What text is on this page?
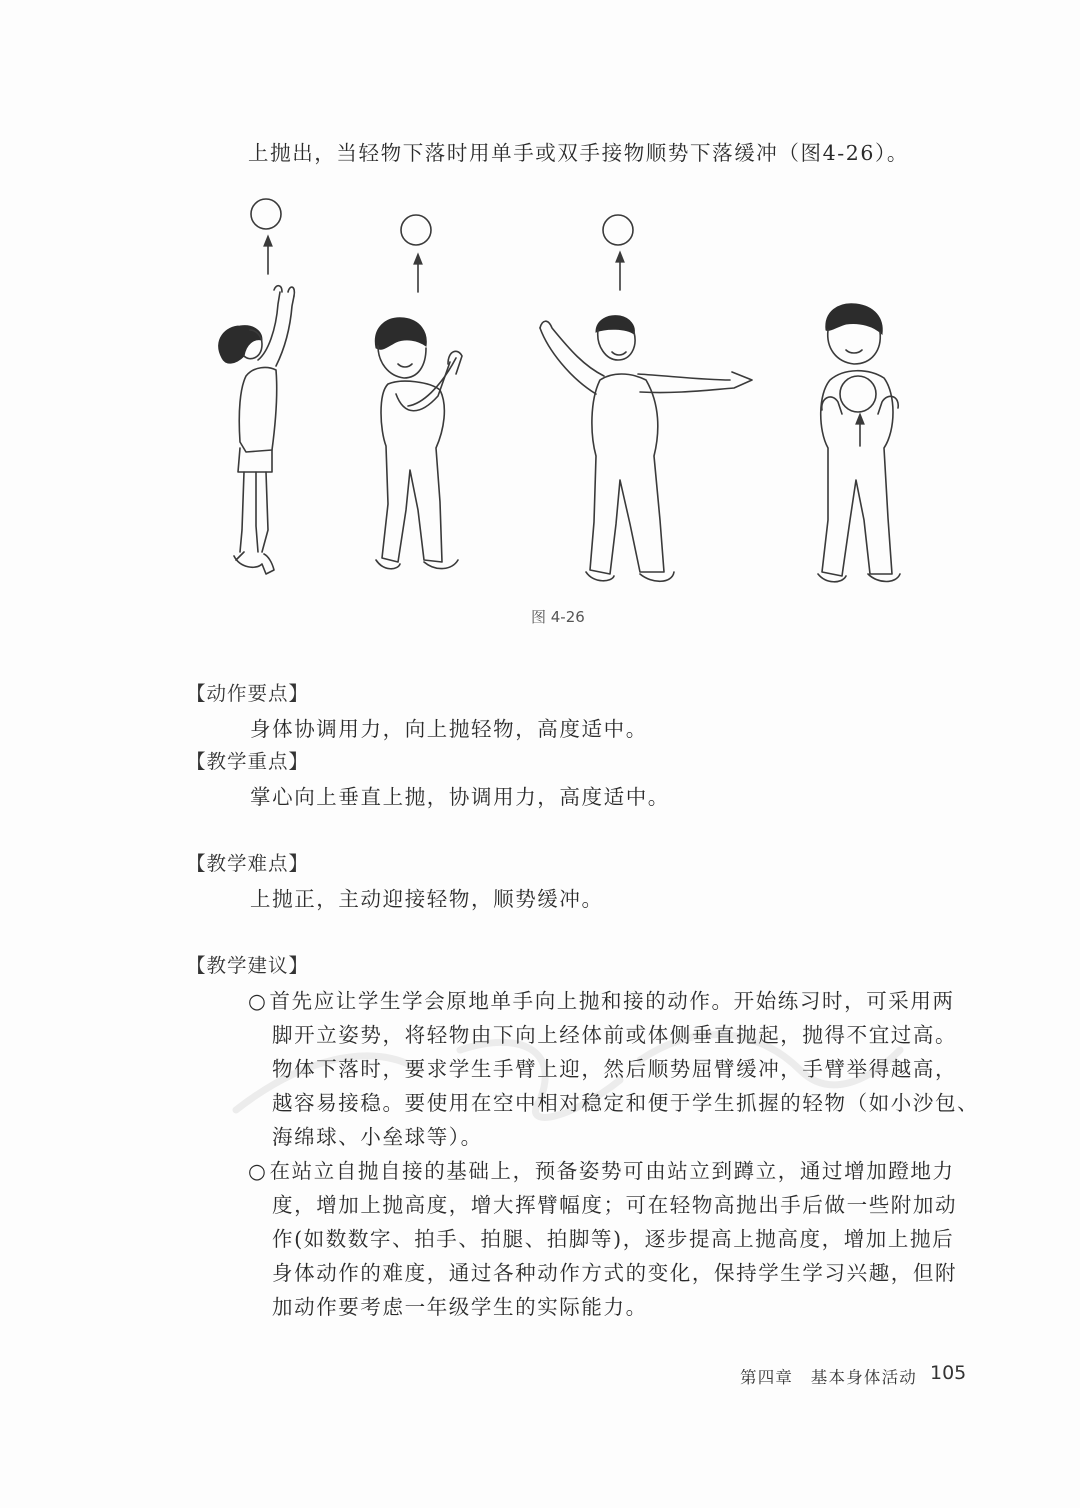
上抛出，当轻物下落时用单手或双手接物顺势下落缓冲（图4-26）。
图 4-26
【动作要点】
身体协调用力，向上抛轻物，高度适中。
【教学重点】
掌心向上垂直上抛，协调用力，高度适中。
【教学难点】
上抛正，主动迎接轻物，顺势缓冲。
【教学建议】
○首先应让学生学会原地单手向上抛和接的动作。开始练习时，可采用两
脚开立姿势，将轻物由下向上经体前或体侧垂直抛起，抛得不宜过高。
物体下落时，要求学生手臂上迎，然后顺势屈臂缓冲，手臂举得越高，
越容易接稳。要使用在空中相对稳定和便于学生抓握的轻物（如小沙包、
海绵球、小垒球等）。
○在站立自抛自接的基础上，预备姿势可由站立到蹲立，通过增加蹬地力
度，增加上抛高度，增大挥臂幅度；可在轻物高抛出手后做一些附加动
作(如数数字、拍手、拍腿、拍脚等)，逐步提高上抛高度，增加上抛后
身体动作的难度，通过各种动作方式的变化，保持学生学习兴趣，但附
加动作要考虑一年级学生的实际能力。
第四章　基本身体活动 105
